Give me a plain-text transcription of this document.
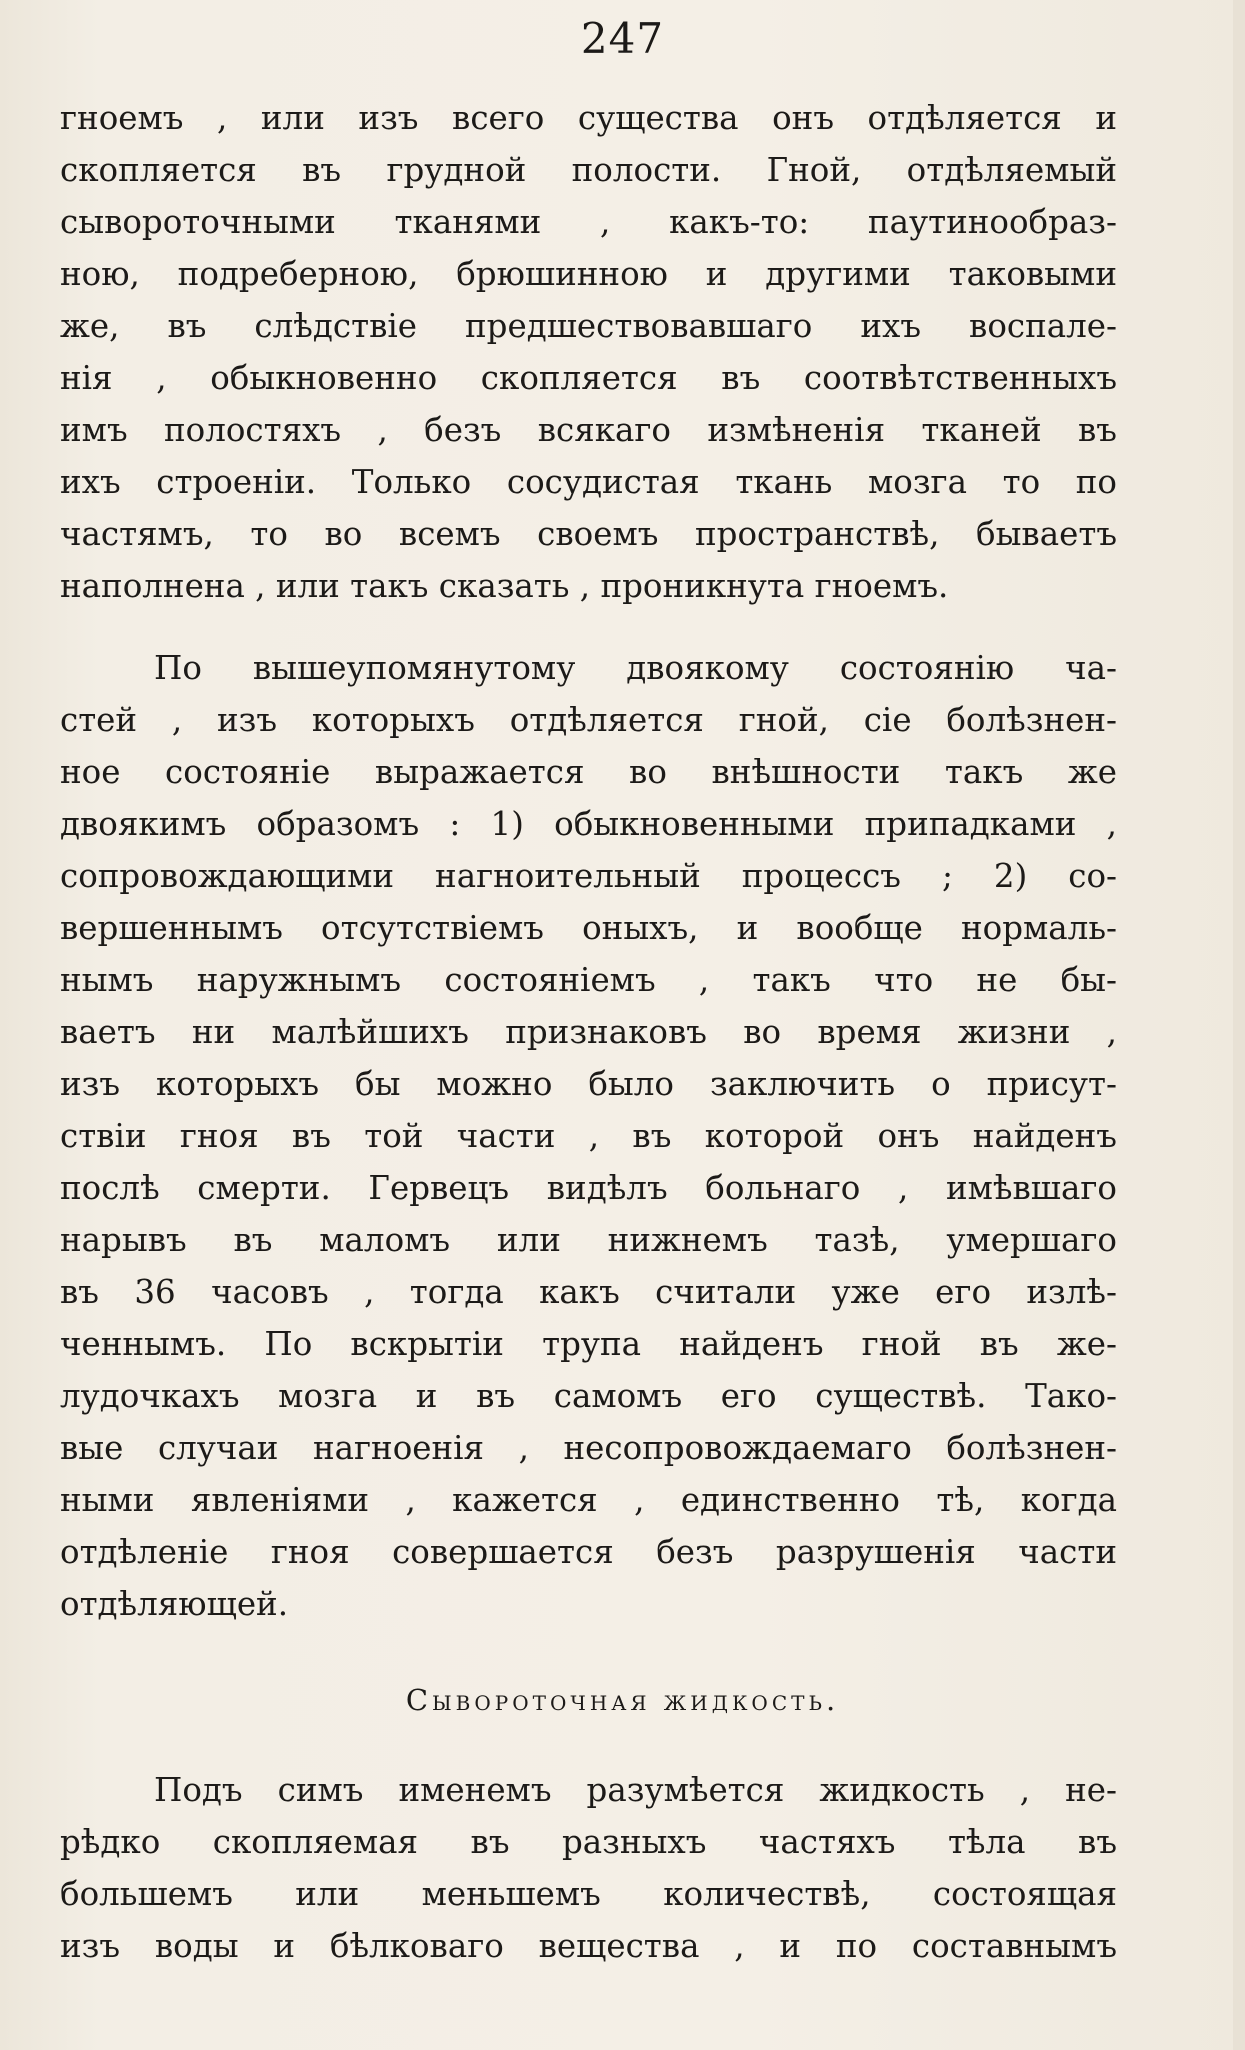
247
гноемъ , или изъ всего существа онъ отдѣляется и
скопляется въ грудной полости. Гной, отдѣляемый
сывороточными тканями , какъ-то: паутинообраз-
ною, подреберною, брюшинною и другими таковыми
же, въ слѣдствіе предшествовавшаго ихъ воспале-
нія , обыкновенно скопляется въ соотвѣтственныхъ
имъ полостяхъ , безъ всякаго измѣненія тканей въ
ихъ строеніи. Только сосудистая ткань мозга то по
частямъ, то во всемъ своемъ пространствѣ, бываетъ
наполнена , или такъ сказать , проникнута гноемъ.
По вышеупомянутому двоякому состоянію ча-
стей , изъ которыхъ отдѣляется гной, сіе болѣзнен-
ное состояніе выражается во внѣшности такъ же
двоякимъ образомъ : 1) обыкновенными припадками ,
сопровождающими нагноительный процессъ ; 2) со-
вершеннымъ отсутствіемъ оныхъ, и вообще нормаль-
нымъ наружнымъ состояніемъ , такъ что не бы-
ваетъ ни малѣйшихъ признаковъ во время жизни ,
изъ которыхъ бы можно было заключить о присут-
ствіи гноя въ той части , въ которой онъ найденъ
послѣ смерти. Гервецъ видѣлъ больнаго , имѣвшаго
нарывъ въ маломъ или нижнемъ тазѣ, умершаго
въ 36 часовъ , тогда какъ считали уже его излѣ-
ченнымъ. По вскрытіи трупа найденъ гной въ же-
лудочкахъ мозга и въ самомъ его существѣ. Тако-
вые случаи нагноенія , несопровождаемаго болѣзнен-
ными явленіями , кажется , единственно тѣ, когда
отдѣленіе гноя совершается безъ разрушенія части
отдѣляющей.
Сывороточная жидкость.
Подъ симъ именемъ разумѣется жидкость , не-
рѣдко скопляемая въ разныхъ частяхъ тѣла въ
большемъ или меньшемъ количествѣ, состоящая
изъ воды и бѣлковаго вещества , и по составнымъ
